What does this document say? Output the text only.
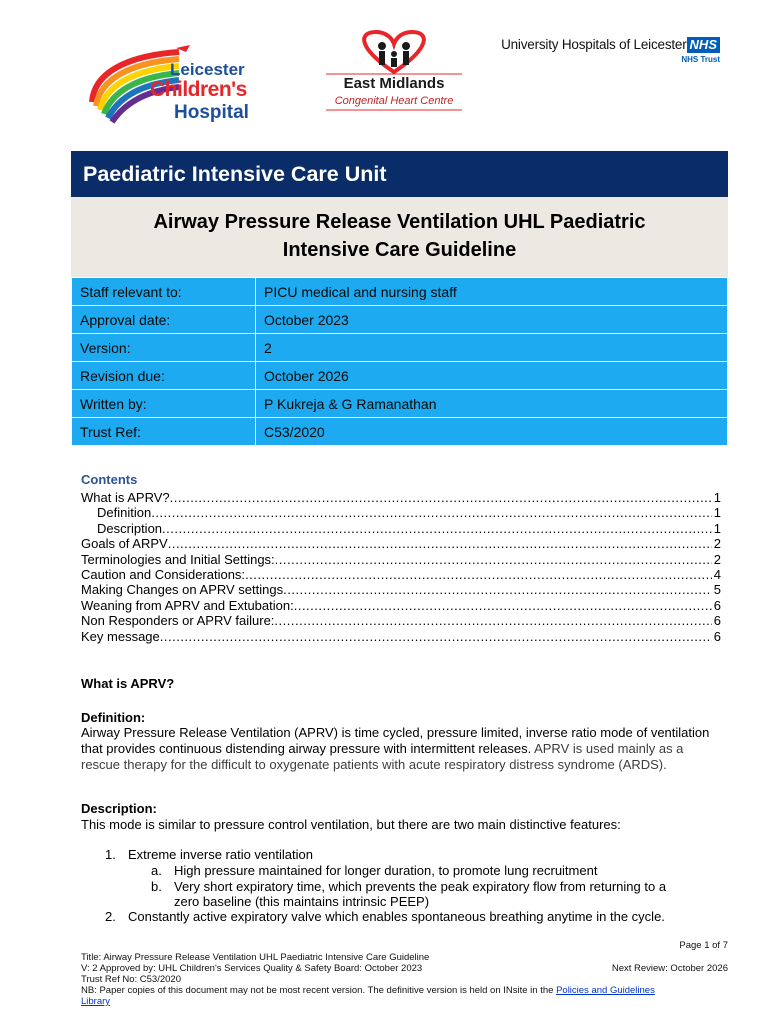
Leicester
Children's
Hospital
East Midlands
Congenital Heart Centre
University Hospitals of Leicester NHS
NHS Trust
Paediatric Intensive Care Unit
Airway Pressure Release Ventilation UHL Paediatric
Intensive Care Guideline
Staff relevant to:	PICU medical and nursing staff
Approval date:	October 2023
Version:	2
Revision due:	October 2026
Written by:	P Kukreja & G Ramanathan
Trust Ref:	C53/2020
Contents
What is APRV? .....	1
Definition .....	1
Description .....	1
Goals of ARPV .....	2
Terminologies and Initial Settings: .....	2
Caution and Considerations: .....	4
Making Changes on APRV settings .....	5
Weaning from APRV and Extubation: .....	6
Non Responders or APRV failure: .....	6
Key message .....	6
What is APRV?
Definition:
Airway Pressure Release Ventilation (APRV) is time cycled, pressure limited, inverse ratio mode of ventilation that provides continuous distending airway pressure with intermittent releases. APRV is used mainly as a rescue therapy for the difficult to oxygenate patients with acute respiratory distress syndrome (ARDS).
Description:
This mode is similar to pressure control ventilation, but there are two main distinctive features:
1. Extreme inverse ratio ventilation
a. High pressure maintained for longer duration, to promote lung recruitment
b. Very short expiratory time, which prevents the peak expiratory flow from returning to a
zero baseline (this maintains intrinsic PEEP)
2. Constantly active expiratory valve which enables spontaneous breathing anytime in the cycle.
Page 1 of 7
Title: Airway Pressure Release Ventilation UHL Paediatric Intensive Care Guideline
V: 2 Approved by: UHL Children's Services Quality & Safety Board: October 2023	Next Review: October 2026
Trust Ref No: C53/2020
NB: Paper copies of this document may not be most recent version. The definitive version is held on INsite in the Policies and Guidelines
Library
